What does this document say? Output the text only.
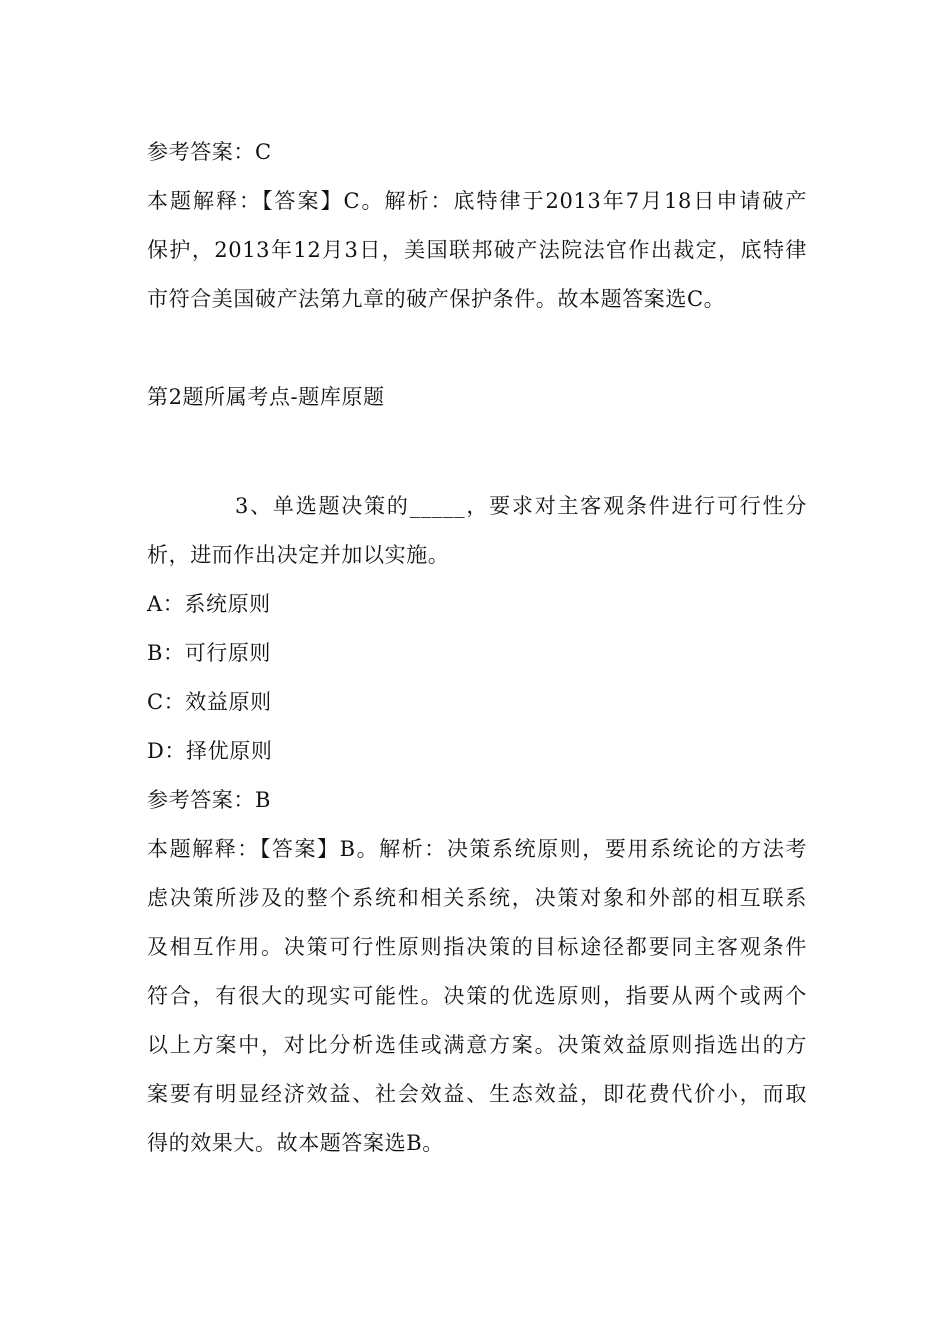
参考答案：C
本题解释：【答案】C。解析：底特律于2013年7月18日申请破产
保护，2013年12月3日，美国联邦破产法院法官作出裁定，底特律
市符合美国破产法第九章的破产保护条件。故本题答案选C。
第2题所属考点-题库原题
3、单选题决策的_____，要求对主客观条件进行可行性分
析，进而作出决定并加以实施。
A：系统原则
B：可行原则
C：效益原则
D：择优原则
参考答案：B
本题解释：【答案】B。解析：决策系统原则，要用系统论的方法考
虑决策所涉及的整个系统和相关系统，决策对象和外部的相互联系
及相互作用。决策可行性原则指决策的目标途径都要同主客观条件
符合，有很大的现实可能性。决策的优选原则，指要从两个或两个
以上方案中，对比分析选佳或满意方案。决策效益原则指选出的方
案要有明显经济效益、社会效益、生态效益，即花费代价小，而取
得的效果大。故本题答案选B。
